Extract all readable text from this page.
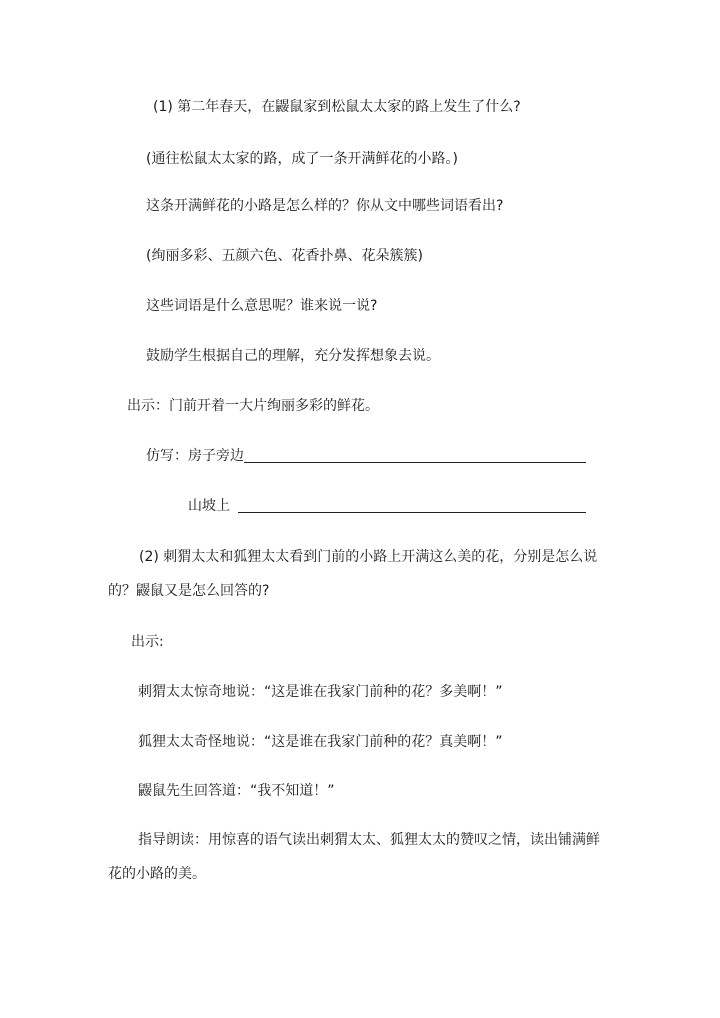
(1) 第二年春天，在鼹鼠家到松鼠太太家的路上发生了什么?
(通往松鼠太太家的路，成了一条开满鲜花的小路。)
这条开满鲜花的小路是怎么样的？你从文中哪些词语看出?
(绚丽多彩、五颜六色、花香扑鼻、花朵簇簇)
这些词语是什么意思呢？谁来说一说?
鼓励学生根据自己的理解，充分发挥想象去说。
出示：门前开着一大片绚丽多彩的鲜花。
仿写：房子旁边
山坡上
(2) 刺猬太太和狐狸太太看到门前的小路上开满这么美的花，分别是怎么说
的？鼹鼠又是怎么回答的?
出示:
刺猬太太惊奇地说：“这是谁在我家门前种的花？多美啊！”
狐狸太太奇怪地说：“这是谁在我家门前种的花？真美啊！”
鼹鼠先生回答道：“我不知道！”
指导朗读：用惊喜的语气读出刺猬太太、狐狸太太的赞叹之情，读出铺满鲜
花的小路的美。
